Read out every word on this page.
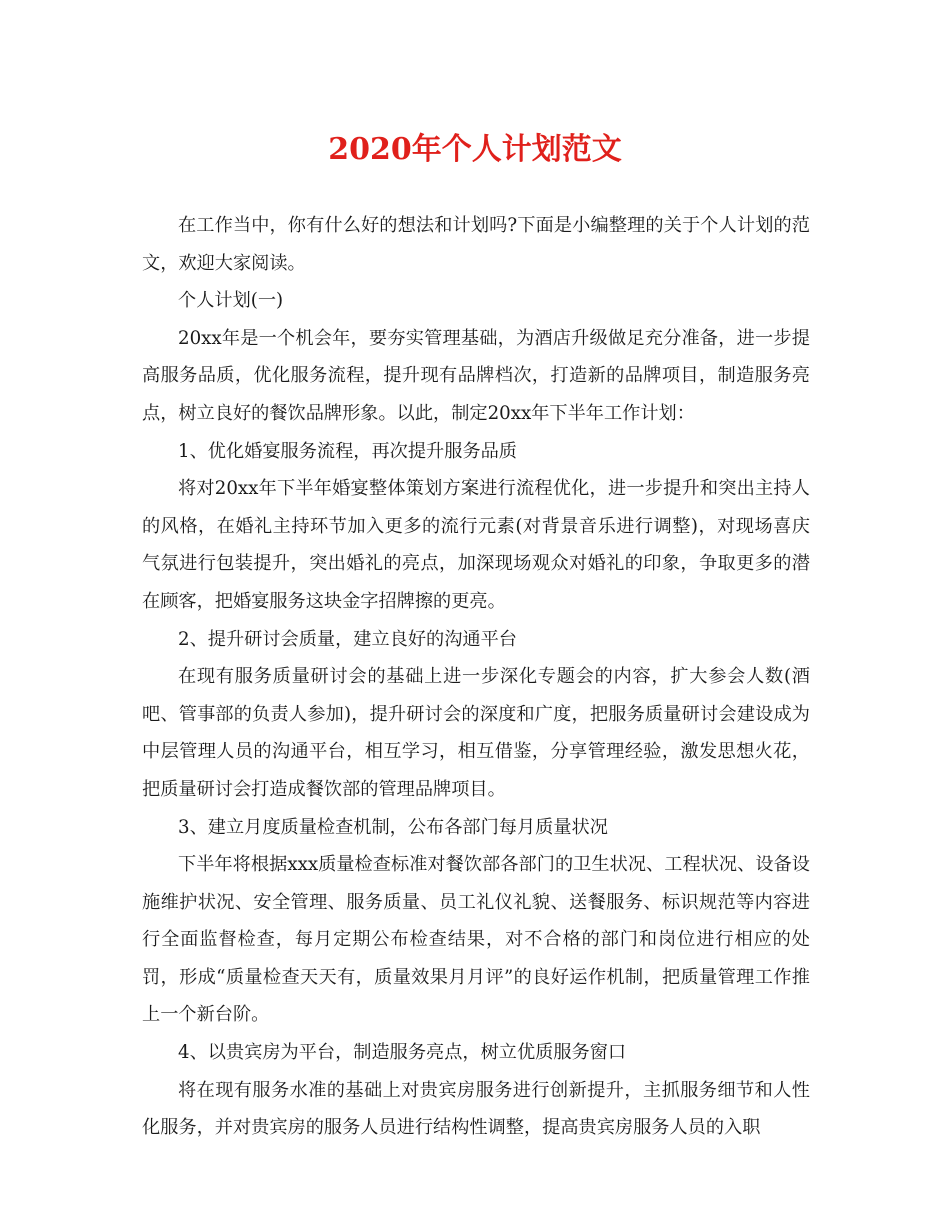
2020年个人计划范文

在工作当中，你有什么好的想法和计划吗?下面是小编整理的关于个人计划的范文，欢迎大家阅读。

个人计划(一)

20xx年是一个机会年，要夯实管理基础，为酒店升级做足充分准备，进一步提高服务品质，优化服务流程，提升现有品牌档次，打造新的品牌项目，制造服务亮点，树立良好的餐饮品牌形象。以此，制定20xx年下半年工作计划：

1、优化婚宴服务流程，再次提升服务品质

将对20xx年下半年婚宴整体策划方案进行流程优化，进一步提升和突出主持人的风格，在婚礼主持环节加入更多的流行元素(对背景音乐进行调整)，对现场喜庆气氛进行包装提升，突出婚礼的亮点，加深现场观众对婚礼的印象，争取更多的潜在顾客，把婚宴服务这块金字招牌擦的更亮。

2、提升研讨会质量，建立良好的沟通平台

在现有服务质量研讨会的基础上进一步深化专题会的内容，扩大参会人数(酒吧、管事部的负责人参加)，提升研讨会的深度和广度，把服务质量研讨会建设成为中层管理人员的沟通平台，相互学习，相互借鉴，分享管理经验，激发思想火花，把质量研讨会打造成餐饮部的管理品牌项目。

3、建立月度质量检查机制，公布各部门每月质量状况

下半年将根据xxx质量检查标准对餐饮部各部门的卫生状况、工程状况、设备设施维护状况、安全管理、服务质量、员工礼仪礼貌、送餐服务、标识规范等内容进行全面监督检查，每月定期公布检查结果，对不合格的部门和岗位进行相应的处罚，形成“质量检查天天有，质量效果月月评”的良好运作机制，把质量管理工作推上一个新台阶。

4、以贵宾房为平台，制造服务亮点，树立优质服务窗口

将在现有服务水准的基础上对贵宾房服务进行创新提升，主抓服务细节和人性化服务，并对贵宾房的服务人员进行结构性调整，提高贵宾房服务人员的入职
